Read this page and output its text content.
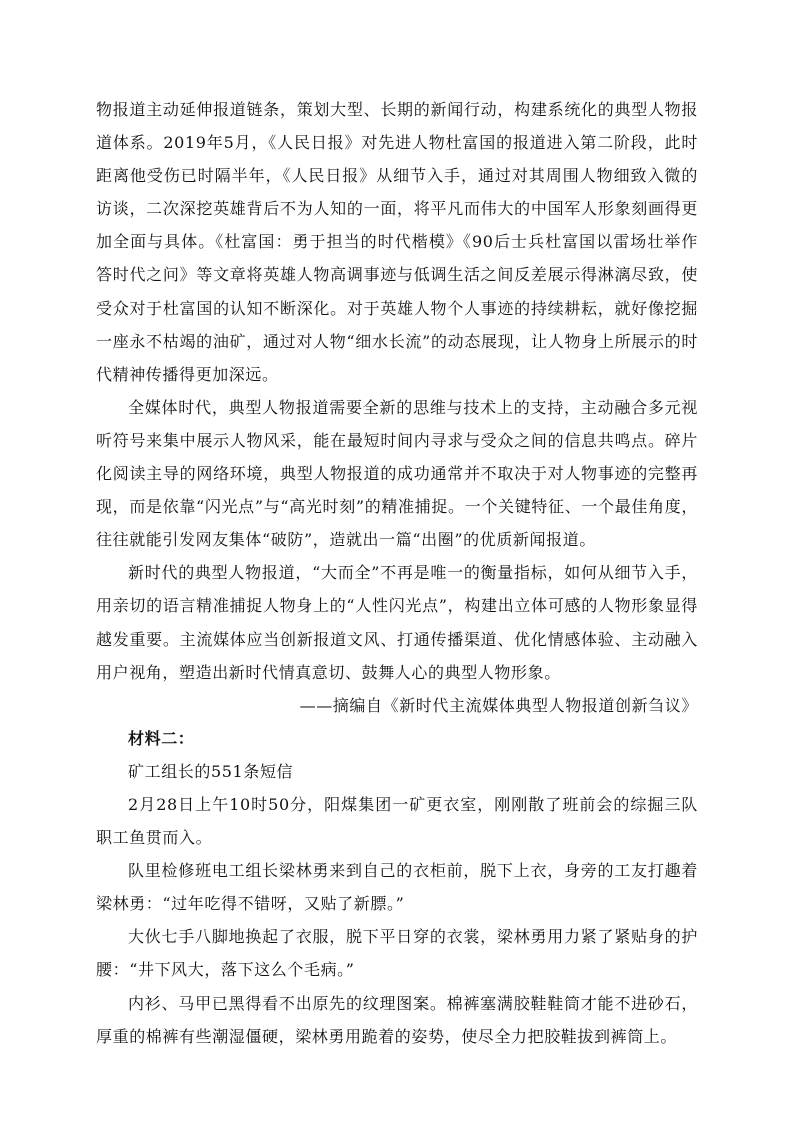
物报道主动延伸报道链条，策划大型、长期的新闻行动，构建系统化的典型人物报道体系。2019年5月，《人民日报》对先进人物杜富国的报道进入第二阶段，此时距离他受伤已时隔半年，《人民日报》从细节入手，通过对其周围人物细致入微的访谈，二次深挖英雄背后不为人知的一面，将平凡而伟大的中国军人形象刻画得更加全面与具体。《杜富国：勇于担当的时代楷模》《90后士兵杜富国以雷场壮举作答时代之问》等文章将英雄人物高调事迹与低调生活之间反差展示得淋漓尽致，使受众对于杜富国的认知不断深化。对于英雄人物个人事迹的持续耕耘，就好像挖掘一座永不枯竭的油矿，通过对人物“细水长流”的动态展现，让人物身上所展示的时代精神传播得更加深远。

全媒体时代，典型人物报道需要全新的思维与技术上的支持，主动融合多元视听符号来集中展示人物风采，能在最短时间内寻求与受众之间的信息共鸣点。碎片化阅读主导的网络环境，典型人物报道的成功通常并不取决于对人物事迹的完整再现，而是依靠“闪光点”与“高光时刻”的精准捕捉。一个关键特征、一个最佳角度，往往就能引发网友集体“破防”，造就出一篇“出圈”的优质新闻报道。

新时代的典型人物报道，“大而全”不再是唯一的衡量指标，如何从细节入手，用亲切的语言精准捕捉人物身上的“人性闪光点”，构建出立体可感的人物形象显得越发重要。主流媒体应当创新报道文风、打通传播渠道、优化情感体验、主动融入用户视角，塑造出新时代情真意切、鼓舞人心的典型人物形象。

——摘编自《新时代主流媒体典型人物报道创新刍议》

材料二：

矿工组长的551条短信

2月28日上午10时50分，阳煤集团一矿更衣室，刚刚散了班前会的综掘三队职工鱼贯而入。

队里检修班电工组长梁林勇来到自己的衣柜前，脱下上衣，身旁的工友打趣着梁林勇：“过年吃得不错呀，又贴了新膘。”

大伙七手八脚地换起了衣服，脱下平日穿的衣裳，梁林勇用力紧了紧贴身的护腰：“井下风大，落下这么个毛病。”

内衫、马甲已黑得看不出原先的纹理图案。棉裤塞满胶鞋鞋筒才能不进砂石，厚重的棉裤有些潮湿僵硬，梁林勇用跪着的姿势，使尽全力把胶鞋拔到裤筒上。
